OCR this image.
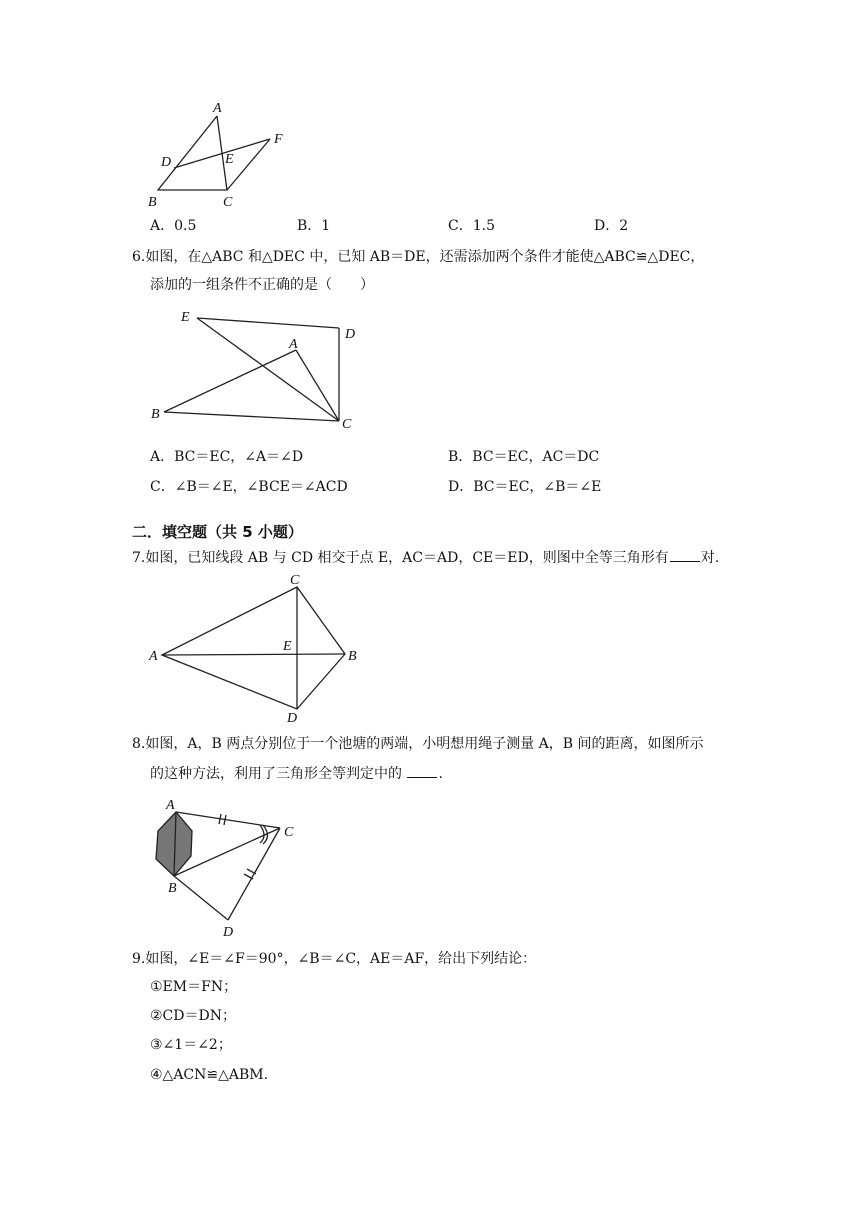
A
D	E
F
B	C
A．0.5	B．1	C．1.5	D．2
6.如图，在△ABC 和△DEC 中，已知 AB＝DE，还需添加两个条件才能使△ABC≌△DEC，
添加的一组条件不正确的是（　　）
E
D
A
B
C
A．BC＝EC，∠A＝∠D	B．BC＝EC，AC＝DC
C．∠B＝∠E，∠BCE＝∠ACD	D．BC＝EC，∠B＝∠E
二．填空题（共 5 小题）
7.如图，已知线段 AB 与 CD 相交于点 E，AC＝AD，CE＝ED，则图中全等三角形有 对.
C
A
E
B
D
8.如图，A，B 两点分别位于一个池塘的两端，小明想用绳子测量 A，B 间的距离，如图所示
的这种方法，利用了三角形全等判定中的 .
A
C
B
D
9.如图，∠E＝∠F＝90°，∠B＝∠C，AE＝AF，给出下列结论：
①EM＝FN；
②CD＝DN；
③∠1＝∠2；
④△ACN≌△ABM.
